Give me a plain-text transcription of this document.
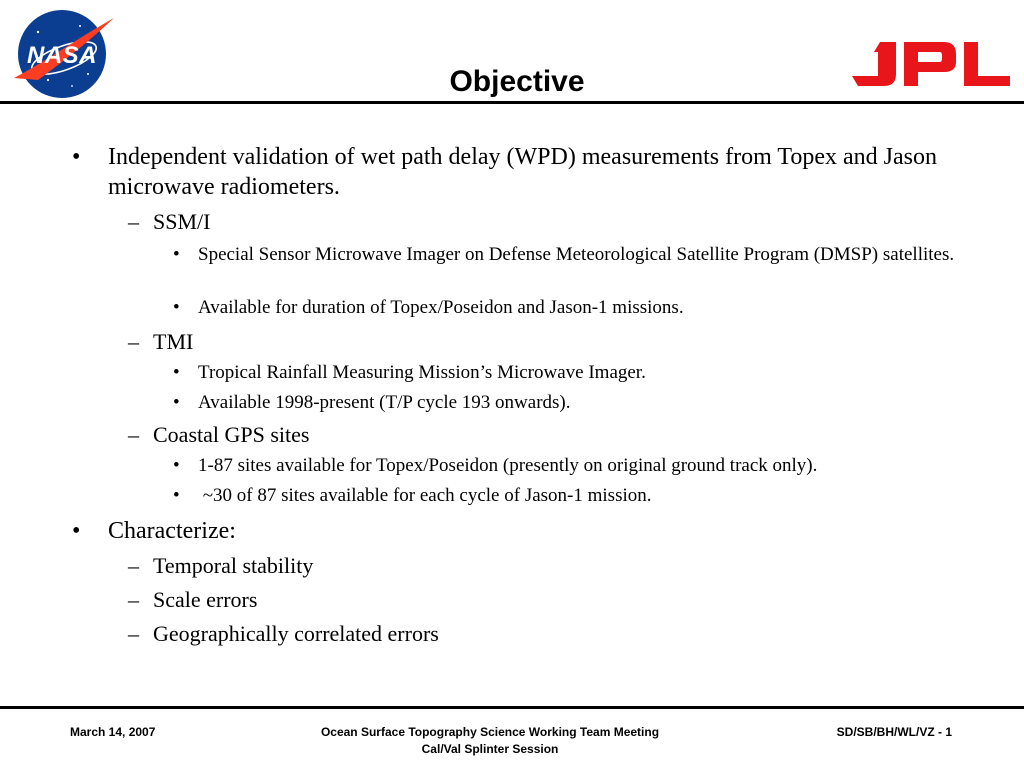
NASA
Objective
• Independent validation of wet path delay (WPD) measurements from Topex and Jason microwave radiometers.
– SSM/I
• Special Sensor Microwave Imager on Defense Meteorological Satellite Program (DMSP) satellites.
• Available for duration of Topex/Poseidon and Jason-1 missions.
– TMI
• Tropical Rainfall Measuring Mission’s Microwave Imager.
• Available 1998-present (T/P cycle 193 onwards).
– Coastal GPS sites
• 1-87 sites available for Topex/Poseidon (presently on original ground track only).
• ~30 of 87 sites available for each cycle of Jason-1 mission.
• Characterize:
– Temporal stability
– Scale errors
– Geographically correlated errors
March 14, 2007	Ocean Surface Topography Science Working Team Meeting
Cal/Val Splinter Session
SD/SB/BH/WL/VZ - 1
